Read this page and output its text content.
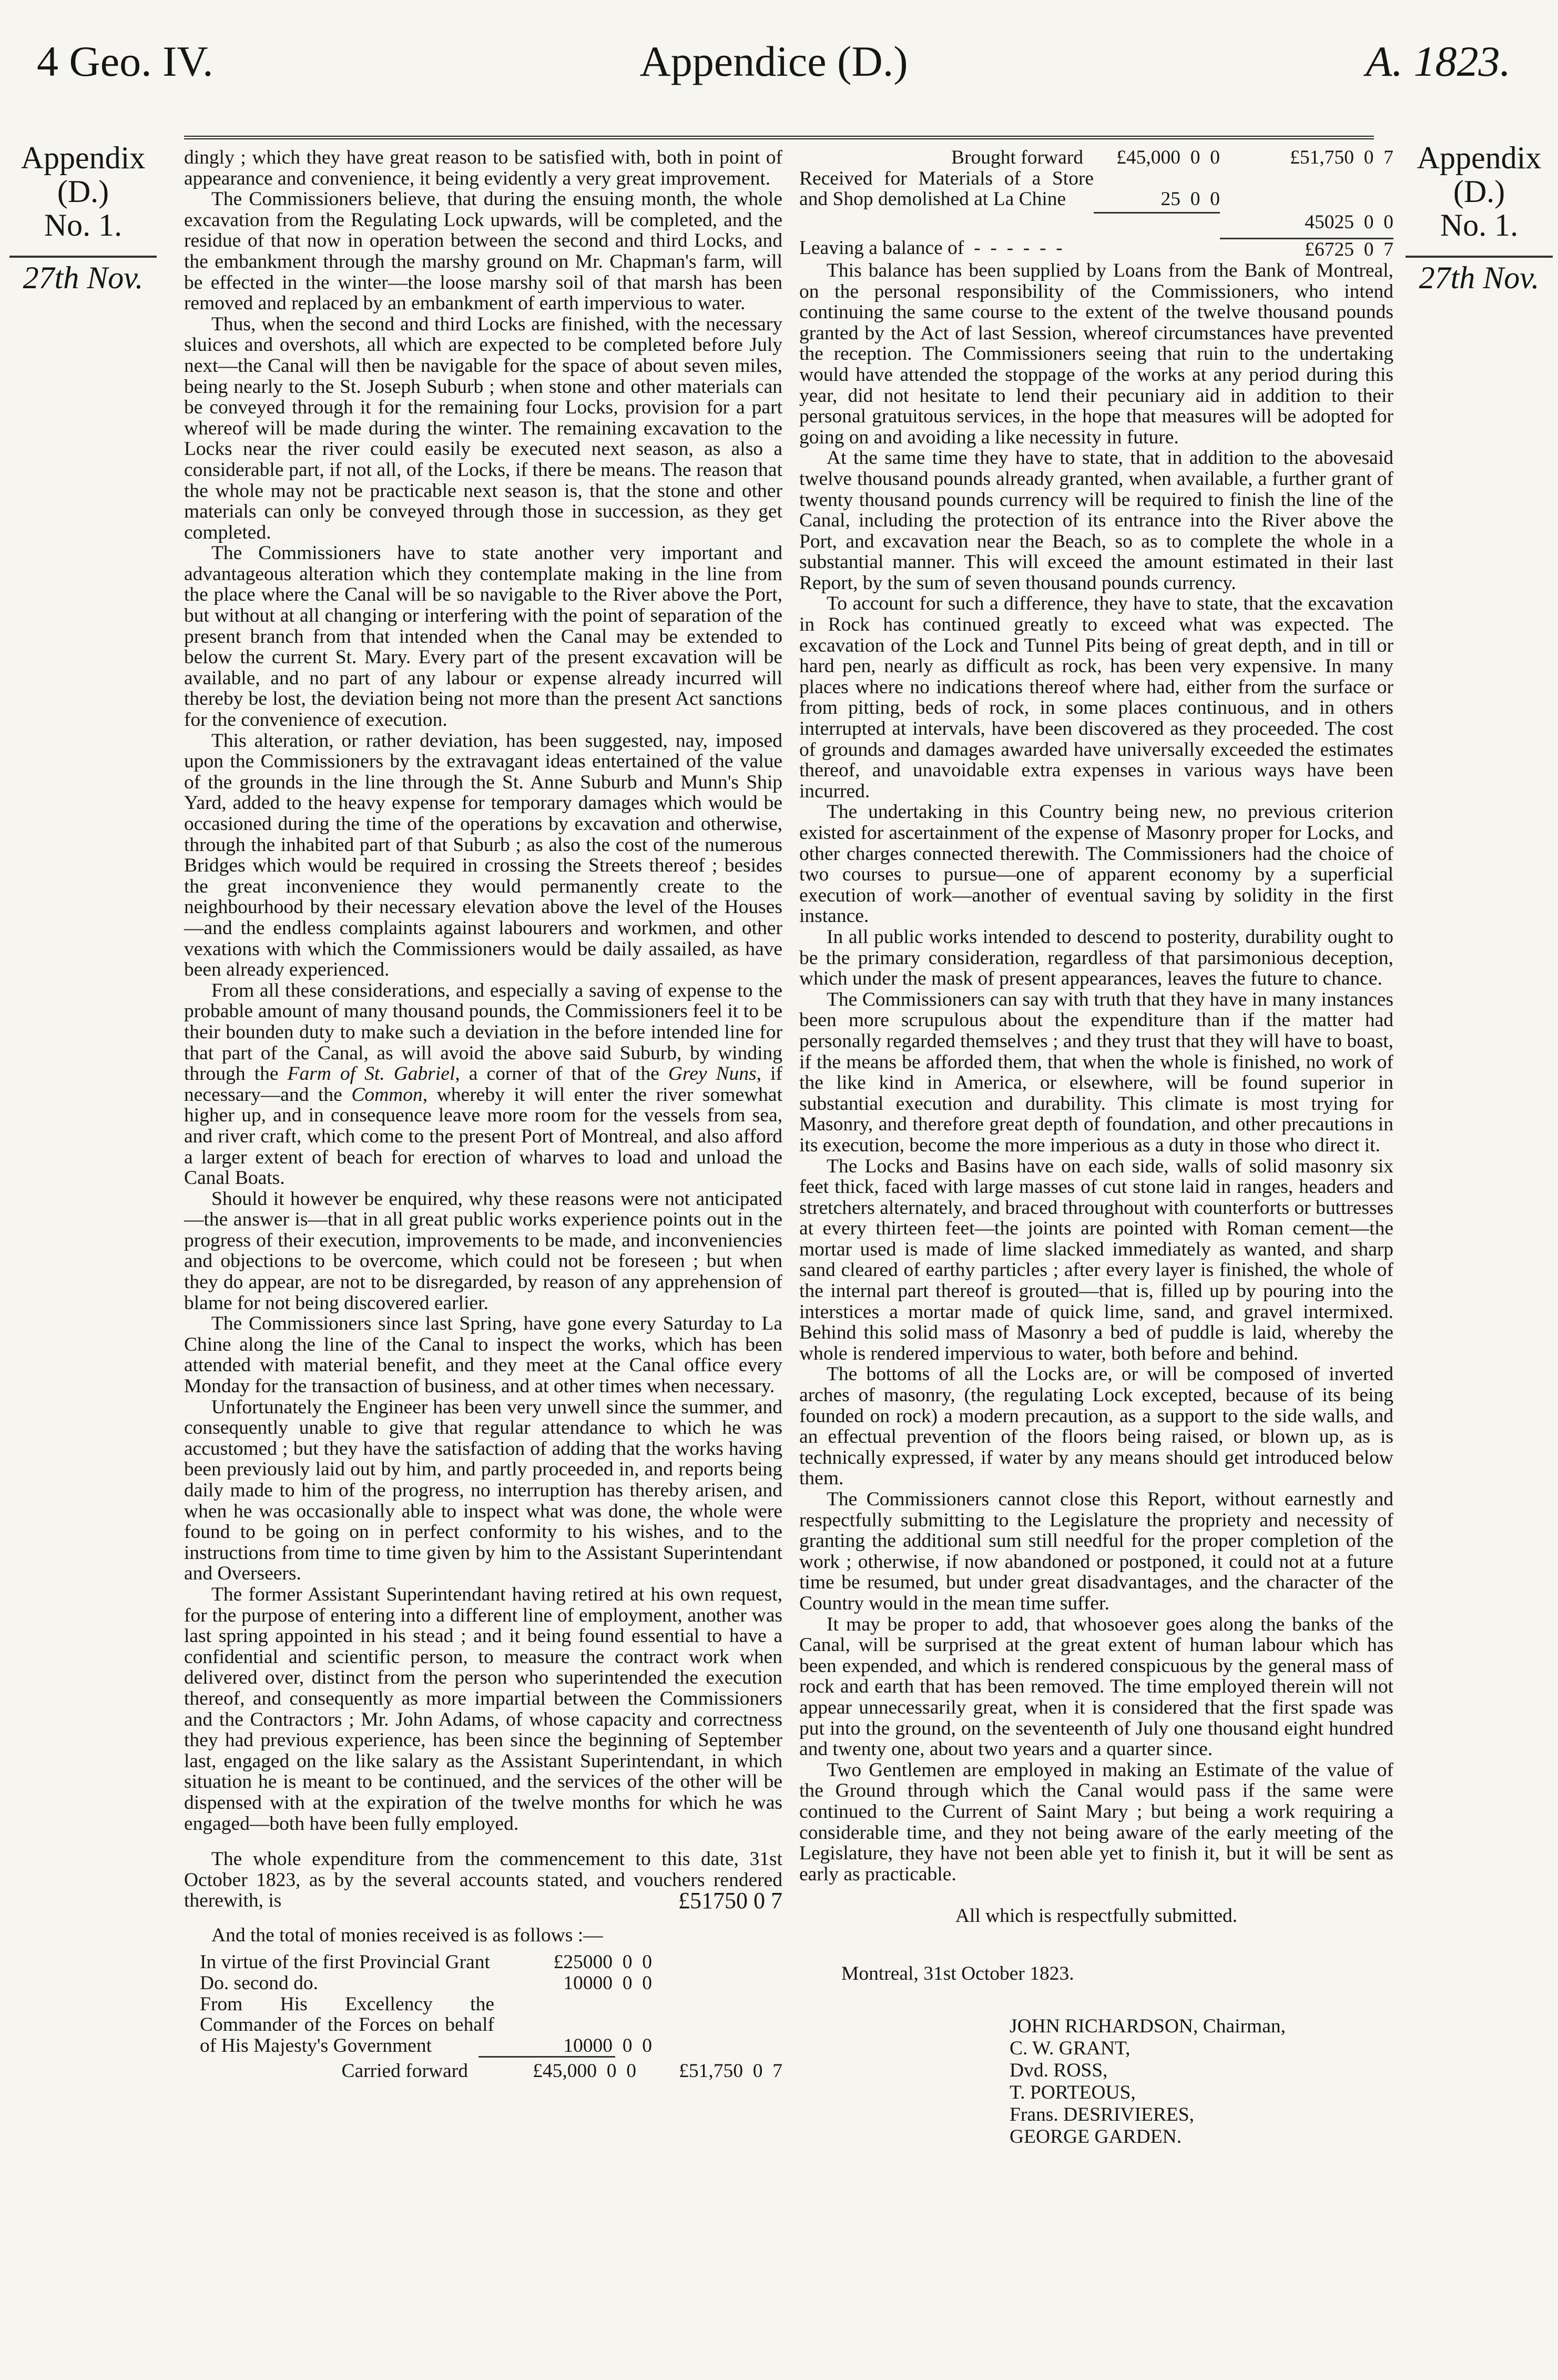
4 Geo. IV.	Appendice (D.)	A. 1823.
Appendix
(D.)
No. 1.
27th Nov.
Appendix
(D.)
No. 1.
27th Nov.

dingly ; which they have great reason to be satisfied with, both in point of appearance and convenience, it being evidently a very great improvement.

The Commissioners believe, that during the ensuing month, the whole excavation from the Regulating Lock upwards, will be completed, and the residue of that now in operation between the second and third Locks, and the embankment through the marshy ground on Mr. Chapman's farm, will be effected in the winter—the loose marshy soil of that marsh has been removed and replaced by an embankment of earth impervious to water.

Thus, when the second and third Locks are finished, with the necessary sluices and overshots, all which are expected to be completed before July next—the Canal will then be navigable for the space of about seven miles, being nearly to the St. Joseph Suburb ; when stone and other materials can be conveyed through it for the remaining four Locks, provision for a part whereof will be made during the winter. The remaining excavation to the Locks near the river could easily be executed next season, as also a considerable part, if not all, of the Locks, if there be means. The reason that the whole may not be practicable next season is, that the stone and other materials can only be conveyed through those in succession, as they get completed.

The Commissioners have to state another very important and advantageous alteration which they contemplate making in the line from the place where the Canal will be so navigable to the River above the Port, but without at all changing or interfering with the point of separation of the present branch from that intended when the Canal may be extended to below the current St. Mary. Every part of the present excavation will be available, and no part of any labour or expense already incurred will thereby be lost, the deviation being not more than the present Act sanctions for the convenience of execution.

This alteration, or rather deviation, has been suggested, nay, imposed upon the Commissioners by the extravagant ideas entertained of the value of the grounds in the line through the St. Anne Suburb and Munn's Ship Yard, added to the heavy expense for temporary damages which would be occasioned during the time of the operations by excavation and otherwise, through the inhabited part of that Suburb ; as also the cost of the numerous Bridges which would be required in crossing the Streets thereof ; besides the great inconvenience they would permanently create to the neighbourhood by their necessary elevation above the level of the Houses—and the endless complaints against labourers and workmen, and other vexations with which the Commissioners would be daily assailed, as have been already experienced.

From all these considerations, and especially a saving of expense to the probable amount of many thousand pounds, the Commissioners feel it to be their bounden duty to make such a deviation in the before intended line for that part of the Canal, as will avoid the above said Suburb, by winding through the Farm of St. Gabriel, a corner of that of the Grey Nuns, if necessary—and the Common, whereby it will enter the river somewhat higher up, and in consequence leave more room for the vessels from sea, and river craft, which come to the present Port of Montreal, and also afford a larger extent of beach for erection of wharves to load and unload the Canal Boats.

Should it however be enquired, why these reasons were not anticipated—the answer is—that in all great public works experience points out in the progress of their execution, improvements to be made, and inconveniencies and objections to be overcome, which could not be foreseen ; but when they do appear, are not to be disregarded, by reason of any apprehension of blame for not being discovered earlier.

The Commissioners since last Spring, have gone every Saturday to La Chine along the line of the Canal to inspect the works, which has been attended with material benefit, and they meet at the Canal office every Monday for the transaction of business, and at other times when necessary.

Unfortunately the Engineer has been very unwell since the summer, and consequently unable to give that regular attendance to which he was accustomed ; but they have the satisfaction of adding that the works having been previously laid out by him, and partly proceeded in, and reports being daily made to him of the progress, no interruption has thereby arisen, and when he was occasionally able to inspect what was done, the whole were found to be going on in perfect conformity to his wishes, and to the instructions from time to time given by him to the Assistant Superintendant and Overseers.

The former Assistant Superintendant having retired at his own request, for the purpose of entering into a different line of employment, another was last spring appointed in his stead ; and it being found essential to have a confidential and scientific person, to measure the contract work when delivered over, distinct from the person who superintended the execution thereof, and consequently as more impartial between the Commissioners and the Contractors ; Mr. John Adams, of whose capacity and correctness they had previous experience, has been since the beginning of September last, engaged on the like salary as the Assistant Superintendant, in which situation he is meant to be continued, and the services of the other will be dispensed with at the expiration of the twelve months for which he was engaged—both have been fully employed.

The whole expenditure from the commencement to this date, 31st October 1823, as by the several accounts stated, and vouchers rendered therewith, is	£51750 0 7

And the total of monies received is as follows :—

In virtue of the first Provincial Grant	£25000  0  0
Do. second do.	10000  0  0
From His Excellency the Commander of the Forces on behalf of His Majesty's Government	10000  0  0
Carried forward	£45,000  0  0	£51,750  0  7
Brought forward	£45,000  0  0	£51,750  0  7
Received for Materials of a Store and Shop demolished at La Chine	25  0  0
45025  0  0
Leaving a balance of  -  -  -  -  -  -	£6725  0  7

This balance has been supplied by Loans from the Bank of Montreal, on the personal responsibility of the Commissioners, who intend continuing the same course to the extent of the twelve thousand pounds granted by the Act of last Session, whereof circumstances have prevented the reception. The Commissioners seeing that ruin to the undertaking would have attended the stoppage of the works at any period during this year, did not hesitate to lend their pecuniary aid in addition to their personal gratuitous services, in the hope that measures will be adopted for going on and avoiding a like necessity in future.

At the same time they have to state, that in addition to the abovesaid twelve thousand pounds already granted, when available, a further grant of twenty thousand pounds currency will be required to finish the line of the Canal, including the protection of its entrance into the River above the Port, and excavation near the Beach, so as to complete the whole in a substantial manner. This will exceed the amount estimated in their last Report, by the sum of seven thousand pounds currency.

To account for such a difference, they have to state, that the excavation in Rock has continued greatly to exceed what was expected. The excavation of the Lock and Tunnel Pits being of great depth, and in till or hard pen, nearly as difficult as rock, has been very expensive. In many places where no indications thereof where had, either from the surface or from pitting, beds of rock, in some places continuous, and in others interrupted at intervals, have been discovered as they proceeded. The cost of grounds and damages awarded have universally exceeded the estimates thereof, and unavoidable extra expenses in various ways have been incurred.

The undertaking in this Country being new, no previous criterion existed for ascertainment of the expense of Masonry proper for Locks, and other charges connected therewith. The Commissioners had the choice of two courses to pursue—one of apparent economy by a superficial execution of work—another of eventual saving by solidity in the first instance.

In all public works intended to descend to posterity, durability ought to be the primary consideration, regardless of that parsimonious deception, which under the mask of present appearances, leaves the future to chance.

The Commissioners can say with truth that they have in many instances been more scrupulous about the expenditure than if the matter had personally regarded themselves ; and they trust that they will have to boast, if the means be afforded them, that when the whole is finished, no work of the like kind in America, or elsewhere, will be found superior in substantial execution and durability. This climate is most trying for Masonry, and therefore great depth of foundation, and other precautions in its execution, become the more imperious as a duty in those who direct it.

The Locks and Basins have on each side, walls of solid masonry six feet thick, faced with large masses of cut stone laid in ranges, headers and stretchers alternately, and braced throughout with counterforts or buttresses at every thirteen feet—the joints are pointed with Roman cement—the mortar used is made of lime slacked immediately as wanted, and sharp sand cleared of earthy particles ; after every layer is finished, the whole of the internal part thereof is grouted—that is, filled up by pouring into the interstices a mortar made of quick lime, sand, and gravel intermixed. Behind this solid mass of Masonry a bed of puddle is laid, whereby the whole is rendered impervious to water, both before and behind.

The bottoms of all the Locks are, or will be composed of inverted arches of masonry, (the regulating Lock excepted, because of its being founded on rock) a modern precaution, as a support to the side walls, and an effectual prevention of the floors being raised, or blown up, as is technically expressed, if water by any means should get introduced below them.

The Commissioners cannot close this Report, without earnestly and respectfully submitting to the Legislature the propriety and necessity of granting the additional sum still needful for the proper completion of the work ; otherwise, if now abandoned or postponed, it could not at a future time be resumed, but under great disadvantages, and the character of the Country would in the mean time suffer.

It may be proper to add, that whosoever goes along the banks of the Canal, will be surprised at the great extent of human labour which has been expended, and which is rendered conspicuous by the general mass of rock and earth that has been removed. The time employed therein will not appear unnecessarily great, when it is considered that the first spade was put into the ground, on the seventeenth of July one thousand eight hundred and twenty one, about two years and a quarter since.

Two Gentlemen are employed in making an Estimate of the value of the Ground through which the Canal would pass if the same were continued to the Current of Saint Mary ; but being a work requiring a considerable time, and they not being aware of the early meeting of the Legislature, they have not been able yet to finish it, but it will be sent as early as practicable.

All which is respectfully submitted.
Montreal, 31st October 1823.
JOHN RICHARDSON, Chairman,
C. W. GRANT,
Dvd. ROSS,
T. PORTEOUS,
Frans. DESRIVIERES,
GEORGE GARDEN.
